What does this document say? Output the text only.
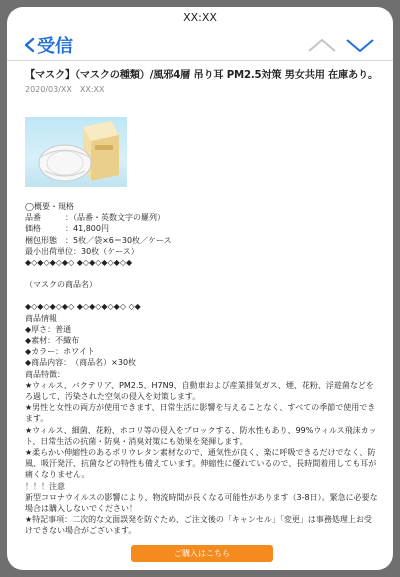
XX:XX
受信
【マスク】（マスクの種類）/風邪4層 吊り耳 PM2.5対策 男女共用 在庫あり。
2020/03/XX　XX:XX
◯概要・規格
品番　　　：（品番・英数文字の羅列）
価格　　　：41,800円
梱包形態　：5枚／袋×6＝30枚／ケース
最小出荷単位：30枚（ケース）
◆◇◆◇◆◇◆◇ ◆◇◆◇◆◇◆◇◆
（マスクの商品名）
◆◇◆◇◆◇◆◇ ◆◇◆◇◆◇◆◇ ◇◆
商品情報
◆厚さ：普通
◆素材：不織布
◆カラー：ホワイト
◆商品内容：　（商品名）×30枚
商品特徴：
★ウィルス、バクテリア、PM2.5、H7N9、自動車および産業排気ガス、煙、花粉、浮遊菌などをろ過して、汚染された空気の侵入を対策します。
★男性と女性の両方が使用できます、日常生活に影響を与えることなく、すべての季節で使用できます。
★ウィルス、細菌、花粉、ホコリ等の侵入をブロックする、防水性もあり、99%ウィルス飛沫カット、日常生活の抗菌・防臭・消臭対策にも効果を発揮します。
★柔らかい伸縮性のあるポリウレタン素材なので、通気性が良く、楽に呼吸できるだけでなく、防風、吸汗発汗、抗菌などの特性も備えています。伸縮性に優れているので、長時間着用しても耳が痛くなりません。
！！！注意
新型コロナウイルスの影響により、物流時間が長くなる可能性があります（3-8日）。緊急に必要な場合は購入しないでください！
★特記事項：二次的な文面誤発を防ぐため、ご注文後の「キャンセル」「変更」は事務処理上お受けできない場合がございます。
ご購入はこちら
